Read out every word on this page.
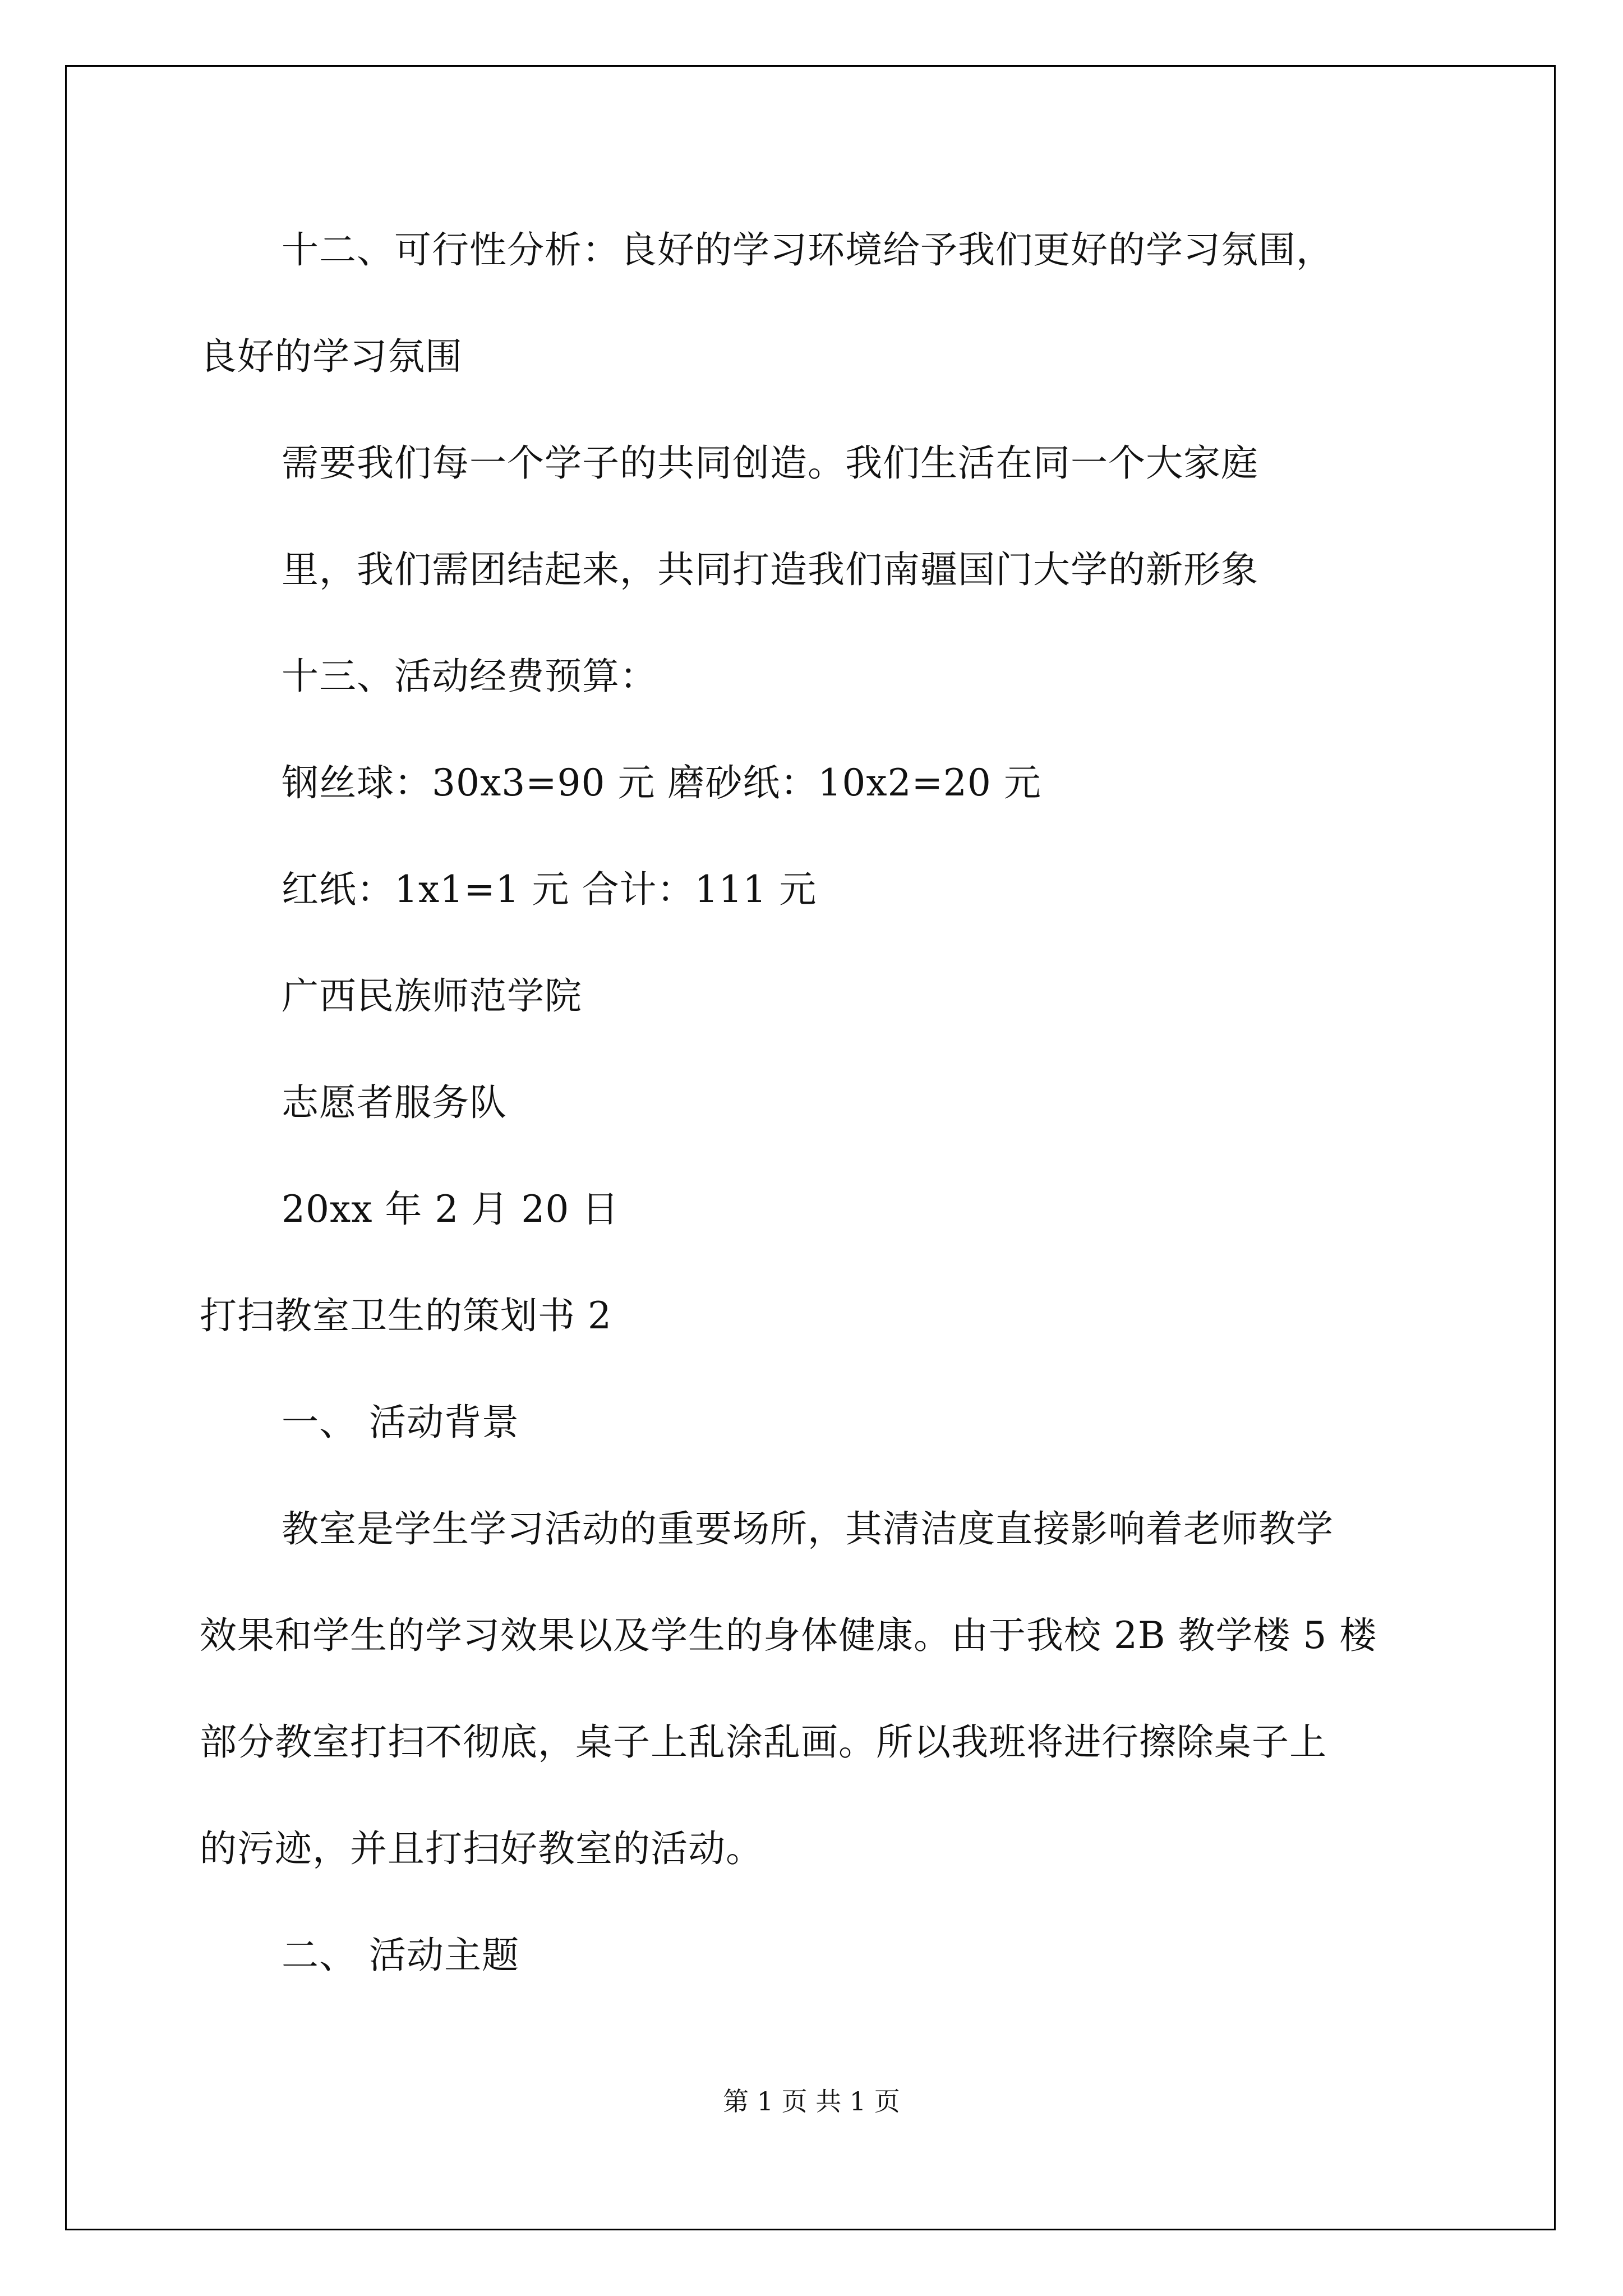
十二、可行性分析：良好的学习环境给予我们更好的学习氛围，
良好的学习氛围
需要我们每一个学子的共同创造。我们生活在同一个大家庭
里，我们需团结起来，共同打造我们南疆国门大学的新形象
十三、活动经费预算：
钢丝球：30x3=90 元 磨砂纸：10x2=20 元
红纸：1x1=1 元 合计：111 元
广西民族师范学院
志愿者服务队
20xx 年 2 月 20 日
打扫教室卫生的策划书 2
一、 活动背景
教室是学生学习活动的重要场所，其清洁度直接影响着老师教学
效果和学生的学习效果以及学生的身体健康。由于我校 2B 教学楼 5 楼
部分教室打扫不彻底，桌子上乱涂乱画。所以我班将进行擦除桌子上
的污迹，并且打扫好教室的活动。
二、 活动主题
第 1 页 共 1 页
